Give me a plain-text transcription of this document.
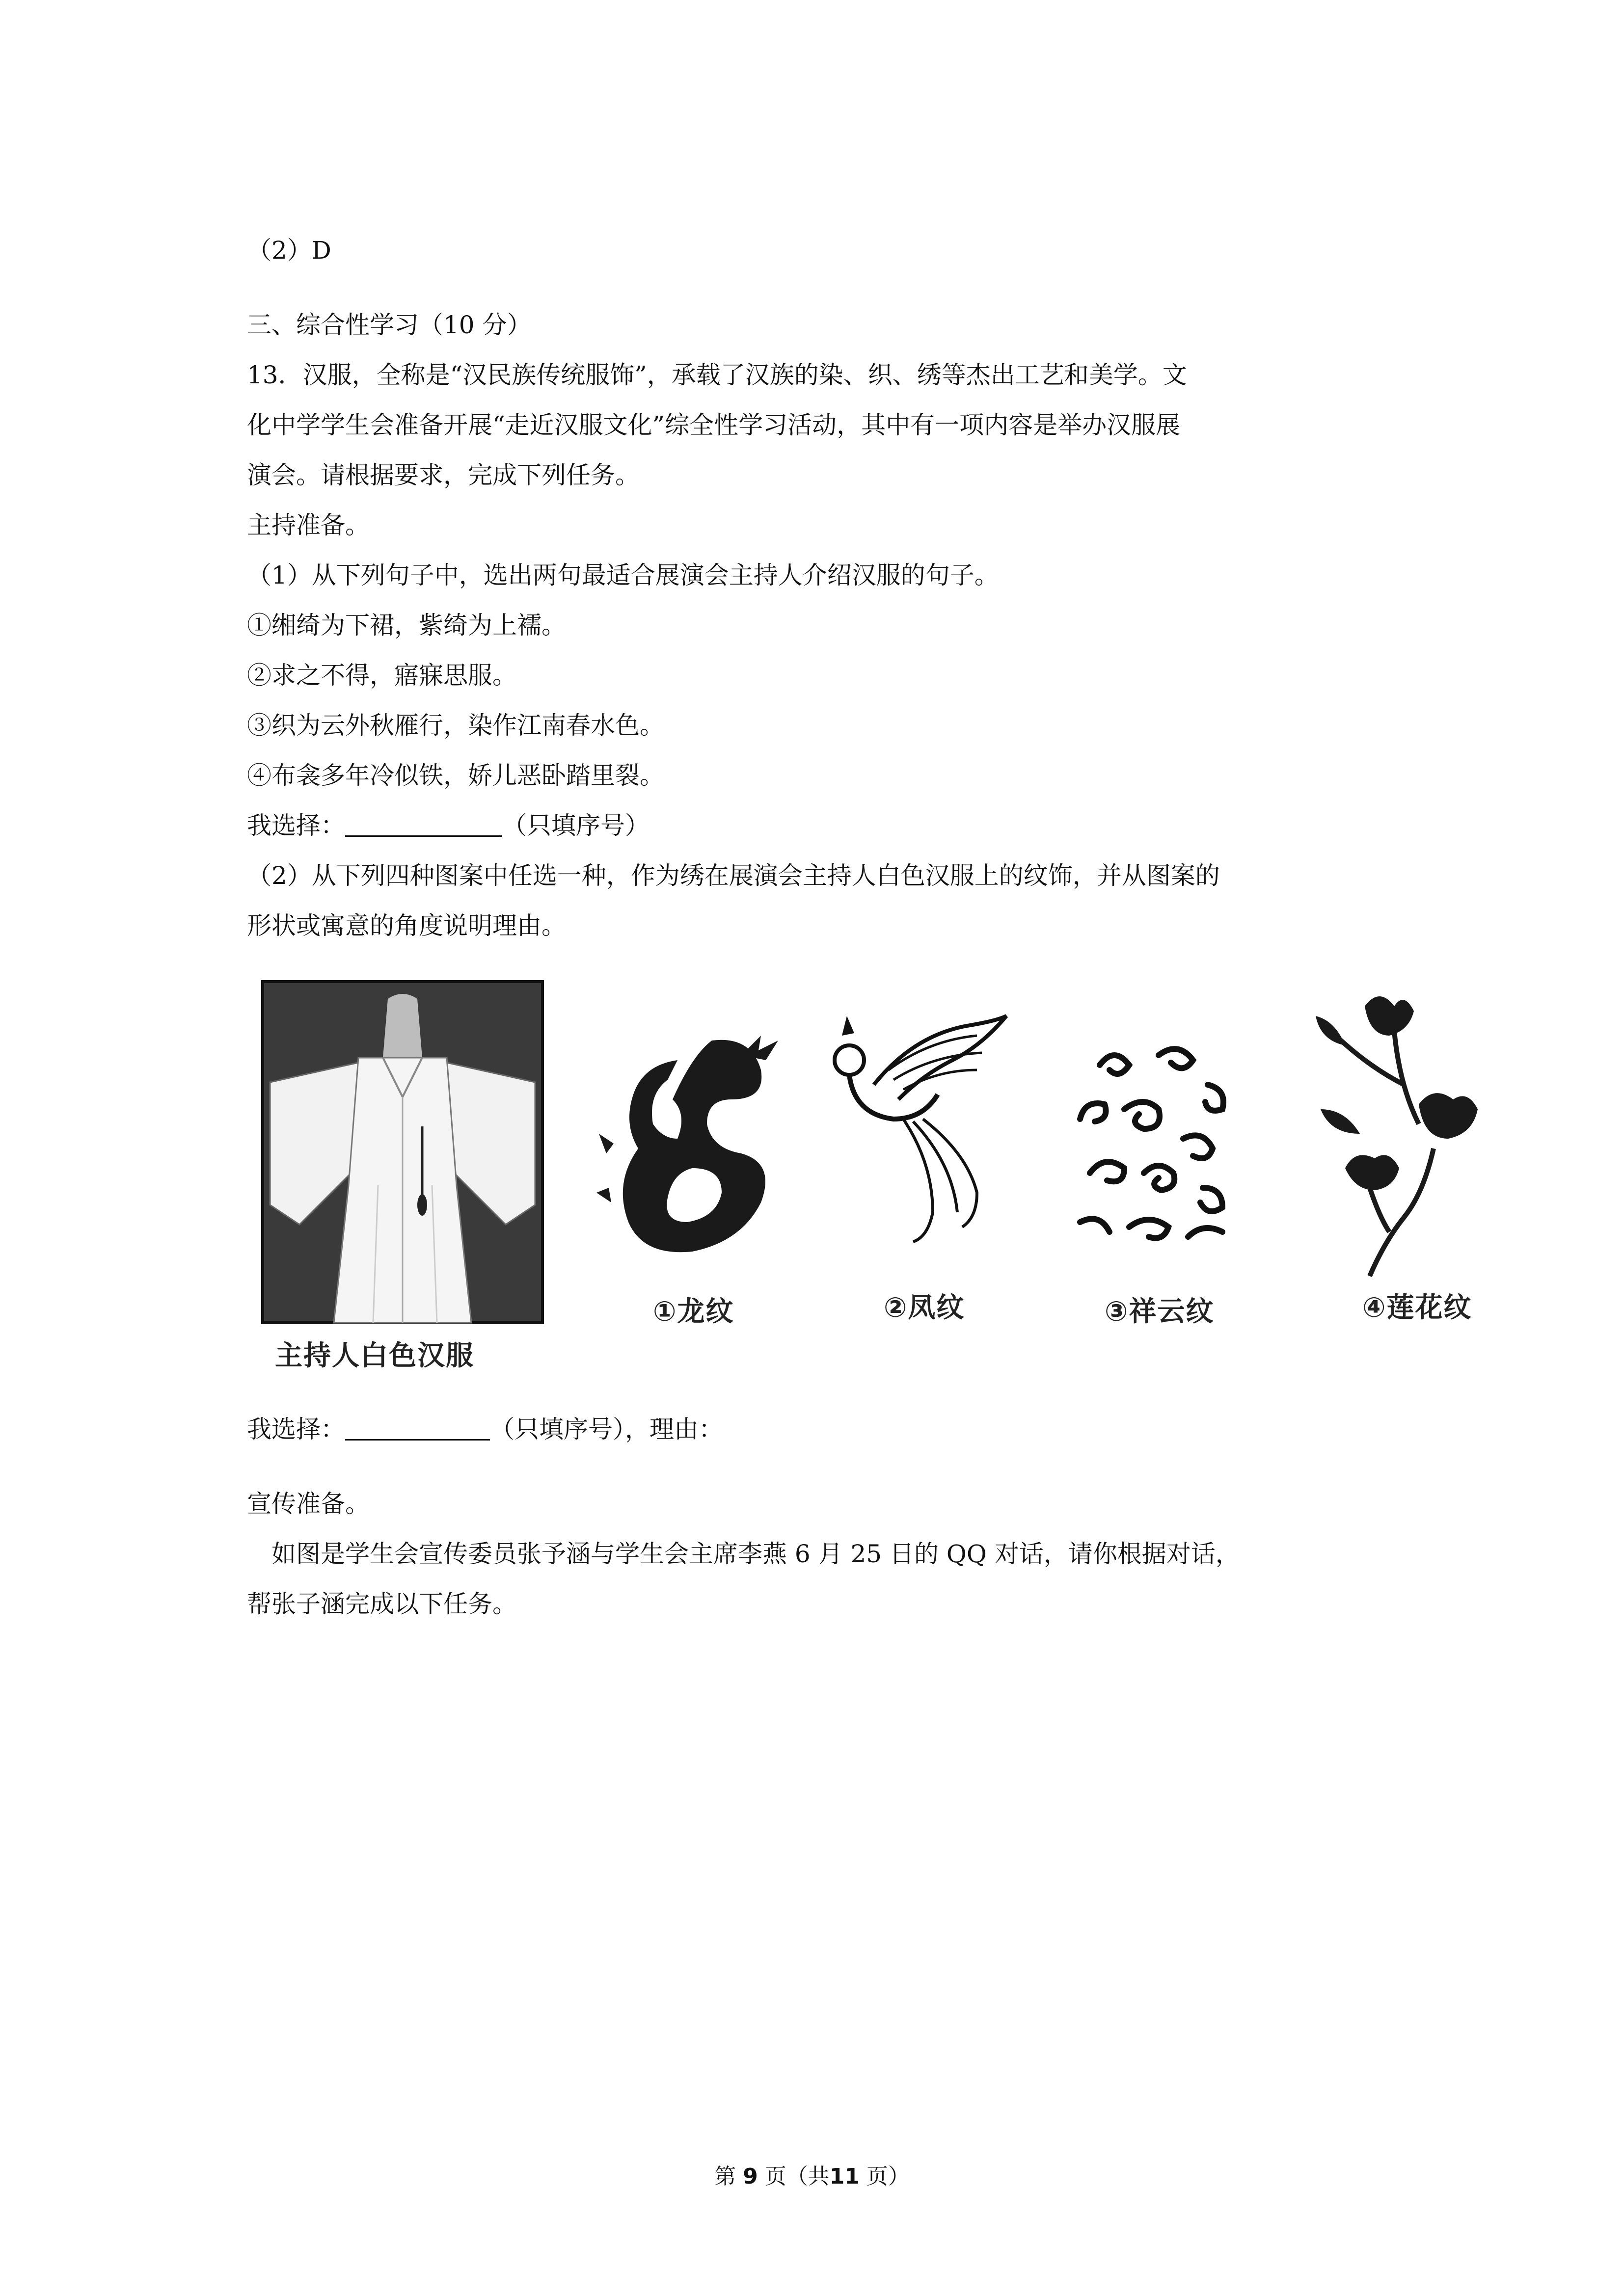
（2）D
三、综合性学习（10 分）
13．汉服，全称是“汉民族传统服饰”，承载了汉族的染、织、绣等杰出工艺和美学。文
化中学学生会准备开展“走近汉服文化”综全性学习活动，其中有一项内容是举办汉服展
演会。请根据要求，完成下列任务。
主持准备。
（1）从下列句子中，选出两句最适合展演会主持人介绍汉服的句子。
①缃绮为下裙，紫绮为上襦。
②求之不得，寤寐思服。
③织为云外秋雁行，染作江南春水色。
④布衾多年冷似铁，娇儿恶卧踏里裂。
我选择：	（只填序号）
（2）从下列四种图案中任选一种，作为绣在展演会主持人白色汉服上的纹饰，并从图案的
形状或寓意的角度说明理由。
主持人白色汉服
①龙纹	②凤纹	③祥云纹	④莲花纹
我选择：	（只填序号），理由：
宣传准备。
　如图是学生会宣传委员张予涵与学生会主席李燕 6 月 25 日的 QQ 对话，请你根据对话，
帮张子涵完成以下任务。
第 9 页（共11 页）
